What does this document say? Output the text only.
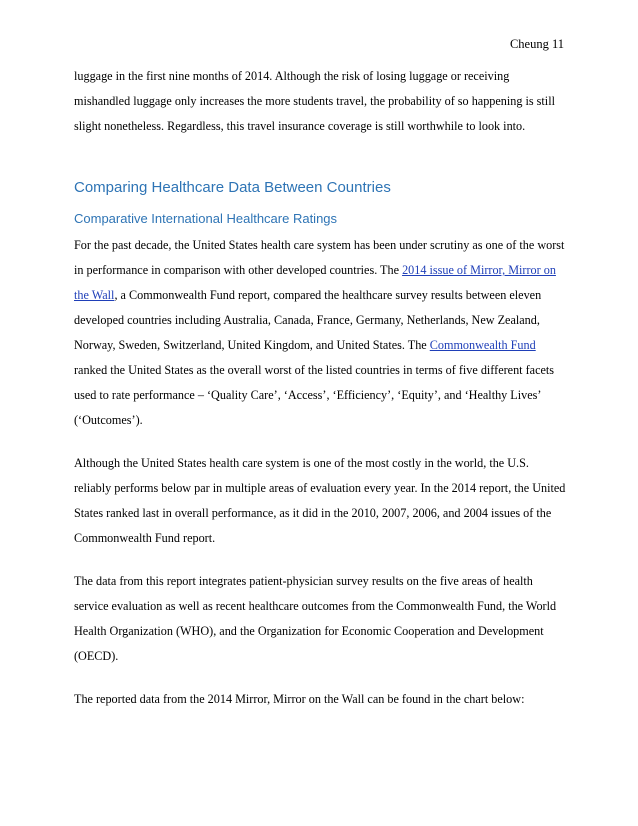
Cheung 11

luggage in the first nine months of 2014. Although the risk of losing luggage or receiving mishandled luggage only increases the more students travel, the probability of so happening is still slight nonetheless. Regardless, this travel insurance coverage is still worthwhile to look into.

Comparing Healthcare Data Between Countries
Comparative International Healthcare Ratings

For the past decade, the United States health care system has been under scrutiny as one of the worst in performance in comparison with other developed countries. The 2014 issue of Mirror, Mirror on the Wall, a Commonwealth Fund report, compared the healthcare survey results between eleven developed countries including Australia, Canada, France, Germany, Netherlands, New Zealand, Norway, Sweden, Switzerland, United Kingdom, and United States. The Commonwealth Fund ranked the United States as the overall worst of the listed countries in terms of five different facets used to rate performance – ‘Quality Care’, ‘Access’, ‘Efficiency’, ‘Equity’, and ‘Healthy Lives’ (‘Outcomes’).

Although the United States health care system is one of the most costly in the world, the U.S. reliably performs below par in multiple areas of evaluation every year. In the 2014 report, the United States ranked last in overall performance, as it did in the 2010, 2007, 2006, and 2004 issues of the Commonwealth Fund report.

The data from this report integrates patient-physician survey results on the five areas of health service evaluation as well as recent healthcare outcomes from the Commonwealth Fund, the World Health Organization (WHO), and the Organization for Economic Cooperation and Development (OECD).

The reported data from the 2014 Mirror, Mirror on the Wall can be found in the chart below:
